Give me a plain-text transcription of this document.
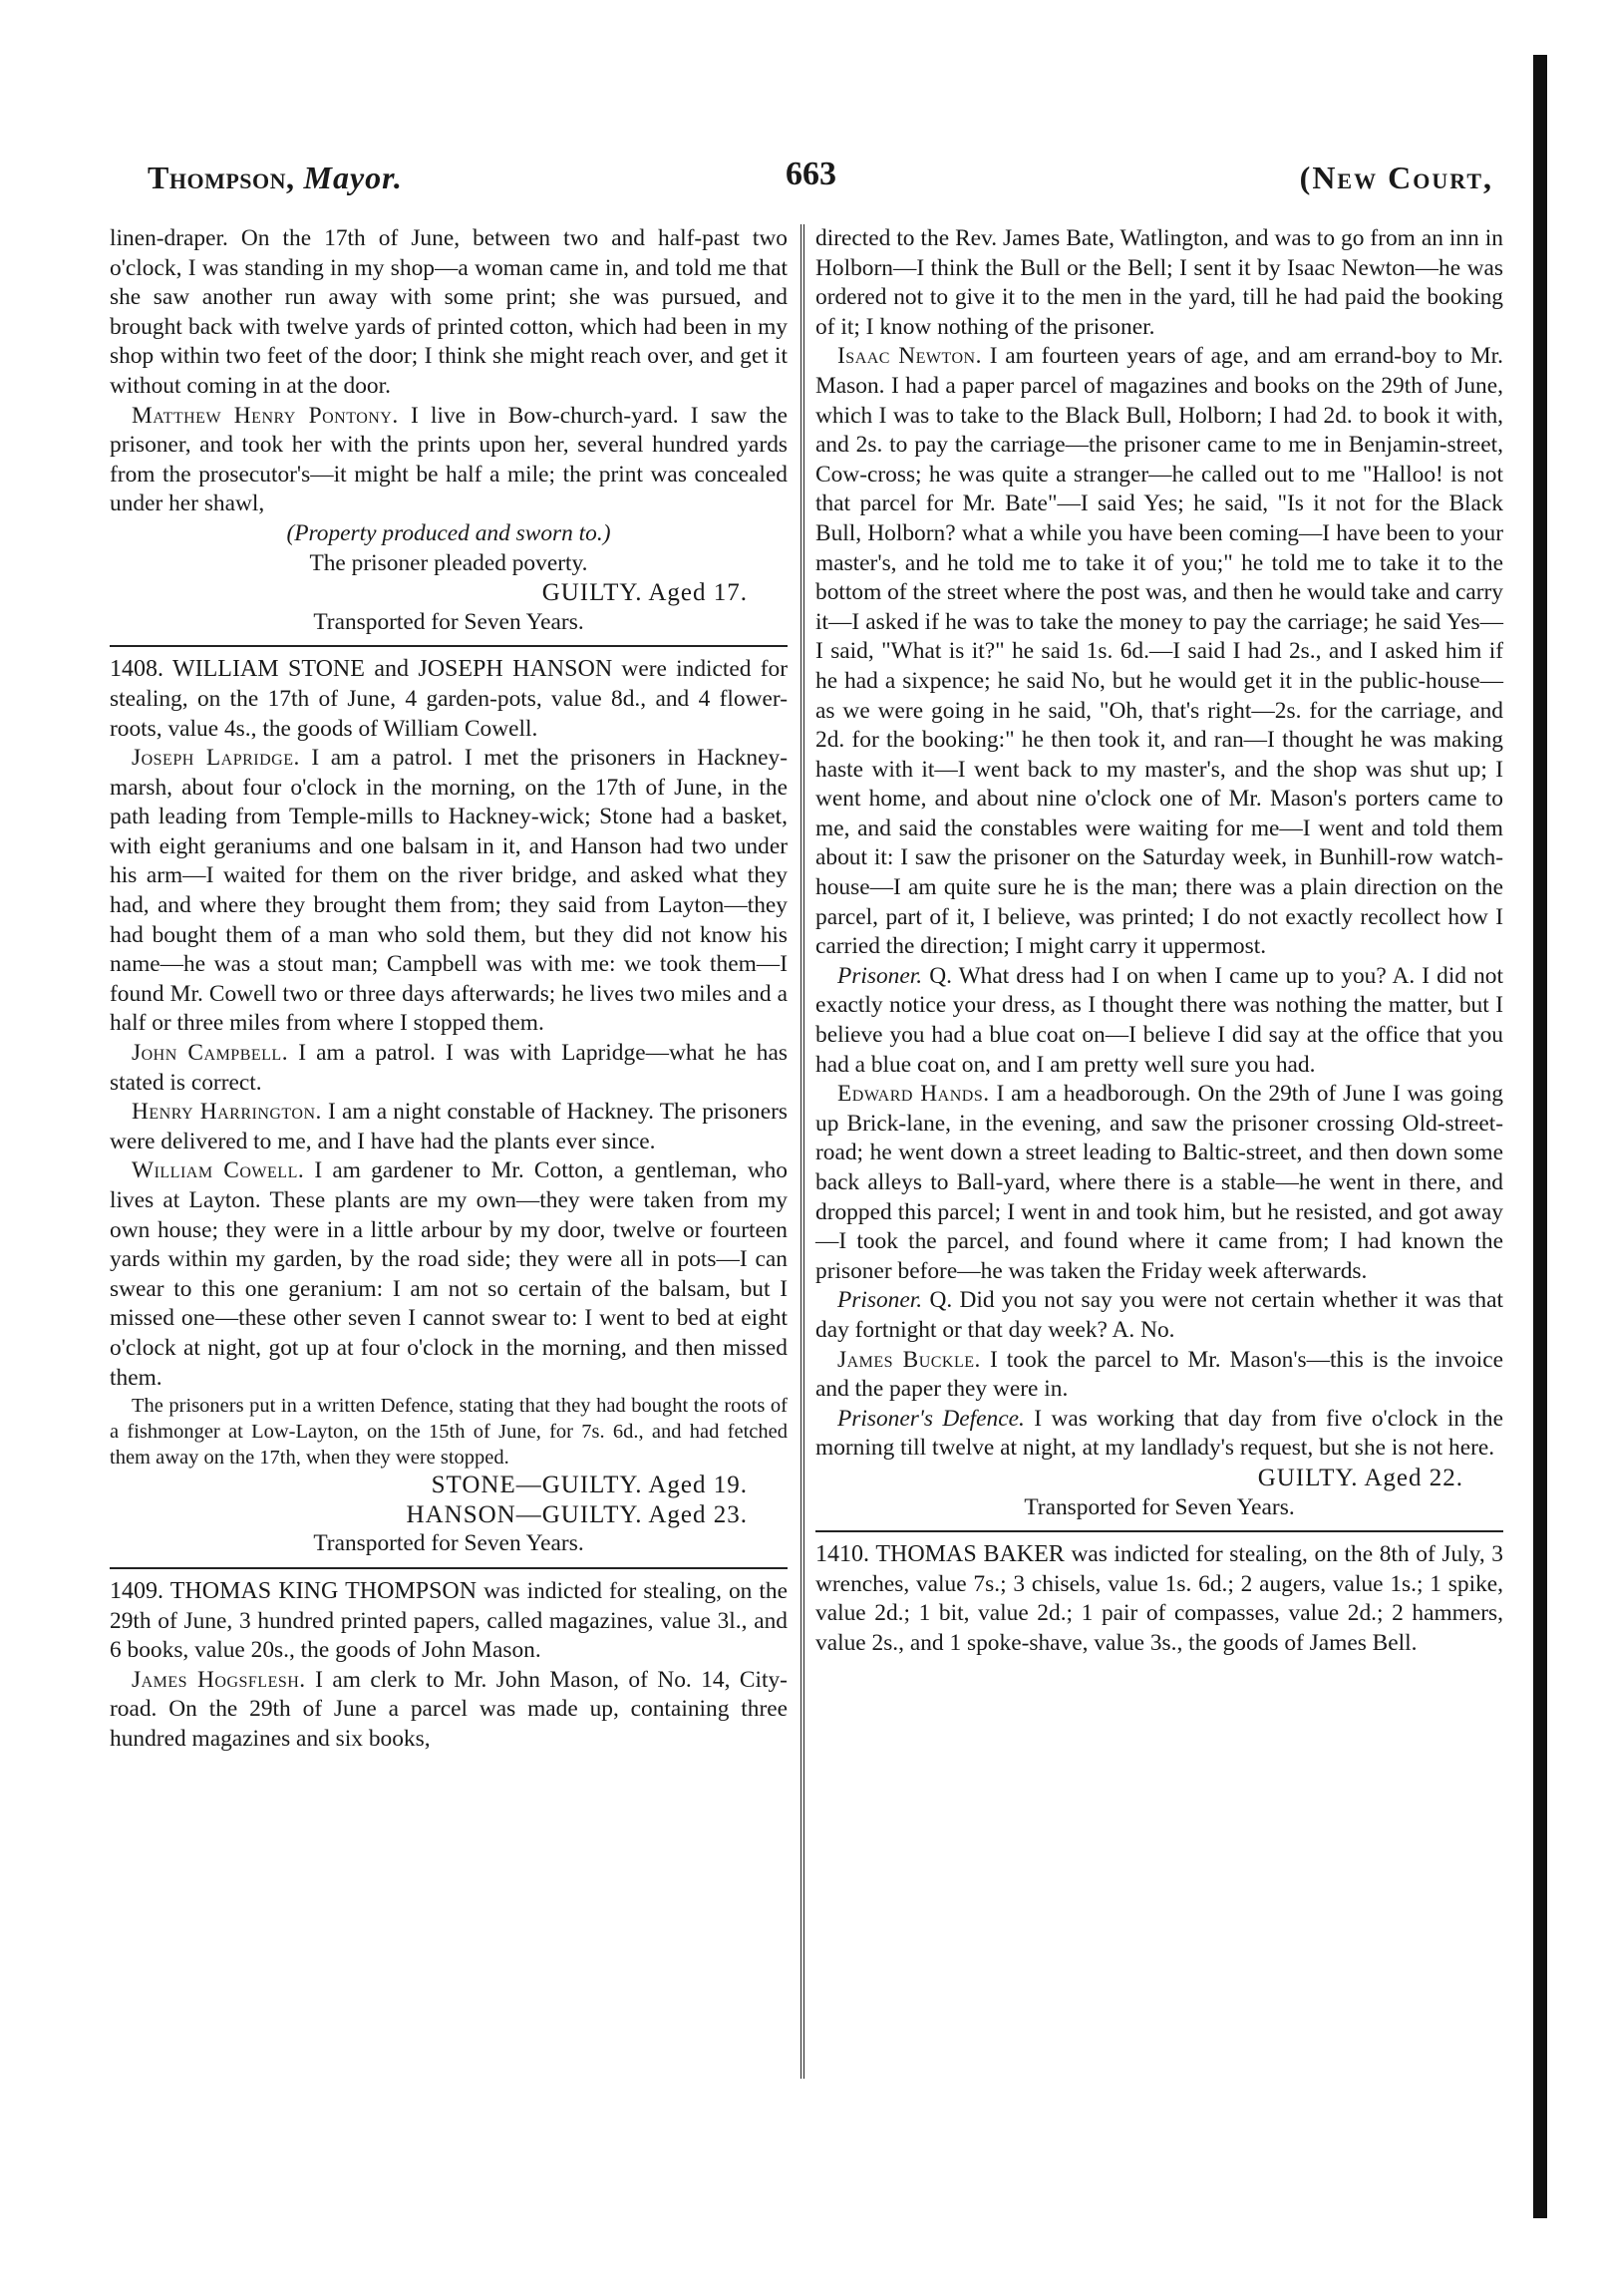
Thompson, Mayor.	663	(New Court,

linen-draper. On the 17th of June, between two and half-past two o'clock, I was standing in my shop—a woman came in, and told me that she saw another run away with some print; she was pursued, and brought back with twelve yards of printed cotton, which had been in my shop within two feet of the door; I think she might reach over, and get it without coming in at the door.

Matthew Henry Pontony. I live in Bow-church-yard. I saw the prisoner, and took her with the prints upon her, several hundred yards from the prosecutor's—it might be half a mile; the print was concealed under her shawl,

(Property produced and sworn to.)

The prisoner pleaded poverty.

GUILTY. Aged 17.

Transported for Seven Years.

1408. WILLIAM STONE and JOSEPH HANSON were indicted for stealing, on the 17th of June, 4 garden-pots, value 8d., and 4 flower-roots, value 4s., the goods of William Cowell.

Joseph Lapridge. I am a patrol. I met the prisoners in Hackney-marsh, about four o'clock in the morning, on the 17th of June, in the path leading from Temple-mills to Hackney-wick; Stone had a basket, with eight geraniums and one balsam in it, and Hanson had two under his arm—I waited for them on the river bridge, and asked what they had, and where they brought them from; they said from Layton—they had bought them of a man who sold them, but they did not know his name—he was a stout man; Campbell was with me: we took them—I found Mr. Cowell two or three days afterwards; he lives two miles and a half or three miles from where I stopped them.

John Campbell. I am a patrol. I was with Lapridge—what he has stated is correct.

Henry Harrington. I am a night constable of Hackney. The prisoners were delivered to me, and I have had the plants ever since.

William Cowell. I am gardener to Mr. Cotton, a gentleman, who lives at Layton. These plants are my own—they were taken from my own house; they were in a little arbour by my door, twelve or fourteen yards within my garden, by the road side; they were all in pots—I can swear to this one geranium: I am not so certain of the balsam, but I missed one—these other seven I cannot swear to: I went to bed at eight o'clock at night, got up at four o'clock in the morning, and then missed them.

The prisoners put in a written Defence, stating that they had bought the roots of a fishmonger at Low-Layton, on the 15th of June, for 7s. 6d., and had fetched them away on the 17th, when they were stopped.

STONE—GUILTY. Aged 19.

HANSON—GUILTY. Aged 23.

Transported for Seven Years.

1409. THOMAS KING THOMPSON was indicted for stealing, on the 29th of June, 3 hundred printed papers, called magazines, value 3l., and 6 books, value 20s., the goods of John Mason.

James Hogsflesh. I am clerk to Mr. John Mason, of No. 14, City-road. On the 29th of June a parcel was made up, containing three hundred magazines and six books,

directed to the Rev. James Bate, Watlington, and was to go from an inn in Holborn—I think the Bull or the Bell; I sent it by Isaac Newton—he was ordered not to give it to the men in the yard, till he had paid the booking of it; I know nothing of the prisoner.

Isaac Newton. I am fourteen years of age, and am errand-boy to Mr. Mason. I had a paper parcel of magazines and books on the 29th of June, which I was to take to the Black Bull, Holborn; I had 2d. to book it with, and 2s. to pay the carriage—the prisoner came to me in Benjamin-street, Cow-cross; he was quite a stranger—he called out to me "Halloo! is not that parcel for Mr. Bate"—I said Yes; he said, "Is it not for the Black Bull, Holborn? what a while you have been coming—I have been to your master's, and he told me to take it of you;" he told me to take it to the bottom of the street where the post was, and then he would take and carry it—I asked if he was to take the money to pay the carriage; he said Yes—I said, "What is it?" he said 1s. 6d.—I said I had 2s., and I asked him if he had a sixpence; he said No, but he would get it in the public-house—as we were going in he said, "Oh, that's right—2s. for the carriage, and 2d. for the booking:" he then took it, and ran—I thought he was making haste with it—I went back to my master's, and the shop was shut up; I went home, and about nine o'clock one of Mr. Mason's porters came to me, and said the constables were waiting for me—I went and told them about it: I saw the prisoner on the Saturday week, in Bunhill-row watch-house—I am quite sure he is the man; there was a plain direction on the parcel, part of it, I believe, was printed; I do not exactly recollect how I carried the direction; I might carry it uppermost.

Prisoner. Q. What dress had I on when I came up to you? A. I did not exactly notice your dress, as I thought there was nothing the matter, but I believe you had a blue coat on—I believe I did say at the office that you had a blue coat on, and I am pretty well sure you had.

Edward Hands. I am a headborough. On the 29th of June I was going up Brick-lane, in the evening, and saw the prisoner crossing Old-street-road; he went down a street leading to Baltic-street, and then down some back alleys to Ball-yard, where there is a stable—he went in there, and dropped this parcel; I went in and took him, but he resisted, and got away—I took the parcel, and found where it came from; I had known the prisoner before—he was taken the Friday week afterwards.

Prisoner. Q. Did you not say you were not certain whether it was that day fortnight or that day week? A. No.

James Buckle. I took the parcel to Mr. Mason's—this is the invoice and the paper they were in.

Prisoner's Defence. I was working that day from five o'clock in the morning till twelve at night, at my landlady's request, but she is not here.

GUILTY. Aged 22.

Transported for Seven Years.

1410. THOMAS BAKER was indicted for stealing, on the 8th of July, 3 wrenches, value 7s.; 3 chisels, value 1s. 6d.; 2 augers, value 1s.; 1 spike, value 2d.; 1 bit, value 2d.; 1 pair of compasses, value 2d.; 2 hammers, value 2s., and 1 spoke-shave, value 3s., the goods of James Bell.
